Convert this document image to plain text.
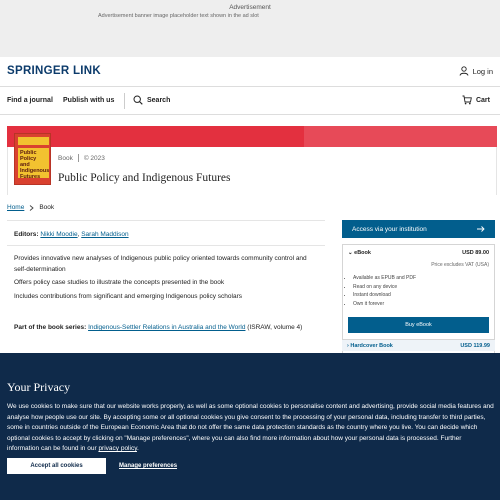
Advertisement
Advertisement banner image placeholder text shown in the ad slot
SPRINGER LINK	Log in
Find a journal Publish with us	Search	Cart
Public Policy and Indigenous Futures
Book © 2023
Public Policy and Indigenous Futures
Home Book
Editors: Nikki Moodie, Sarah Maddison

Provides innovative new analyses of Indigenous public policy oriented towards community control and self-determination

Offers policy case studies to illustrate the concepts presented in the book

Includes contributions from significant and emerging Indigenous policy scholars

Part of the book series: Indigenous-Settler Relations in Australia and the World (ISRAW, volume 4)
Access via your institution
⌄ eBook	USD 89.00
Price excludes VAT (USA)
• Available as EPUB and PDF
• Read on any device
• Instant download
• Own it forever
Buy eBook
› Hardcover Book	USD 119.99
Your Privacy
We use cookies to make sure that our website works properly, as well as some optional cookies to personalise content and advertising, provide social media features and analyse how people use our site. By accepting some or all optional cookies you give consent to the processing of your personal data, including transfer to third parties, some in countries outside of the European Economic Area that do not offer the same data protection standards as the country where you live. You can decide which optional cookies to accept by clicking on "Manage preferences", where you can also find more information about how your personal data is processed. Further information can be found in our privacy policy.
Accept all cookies	Manage preferences
